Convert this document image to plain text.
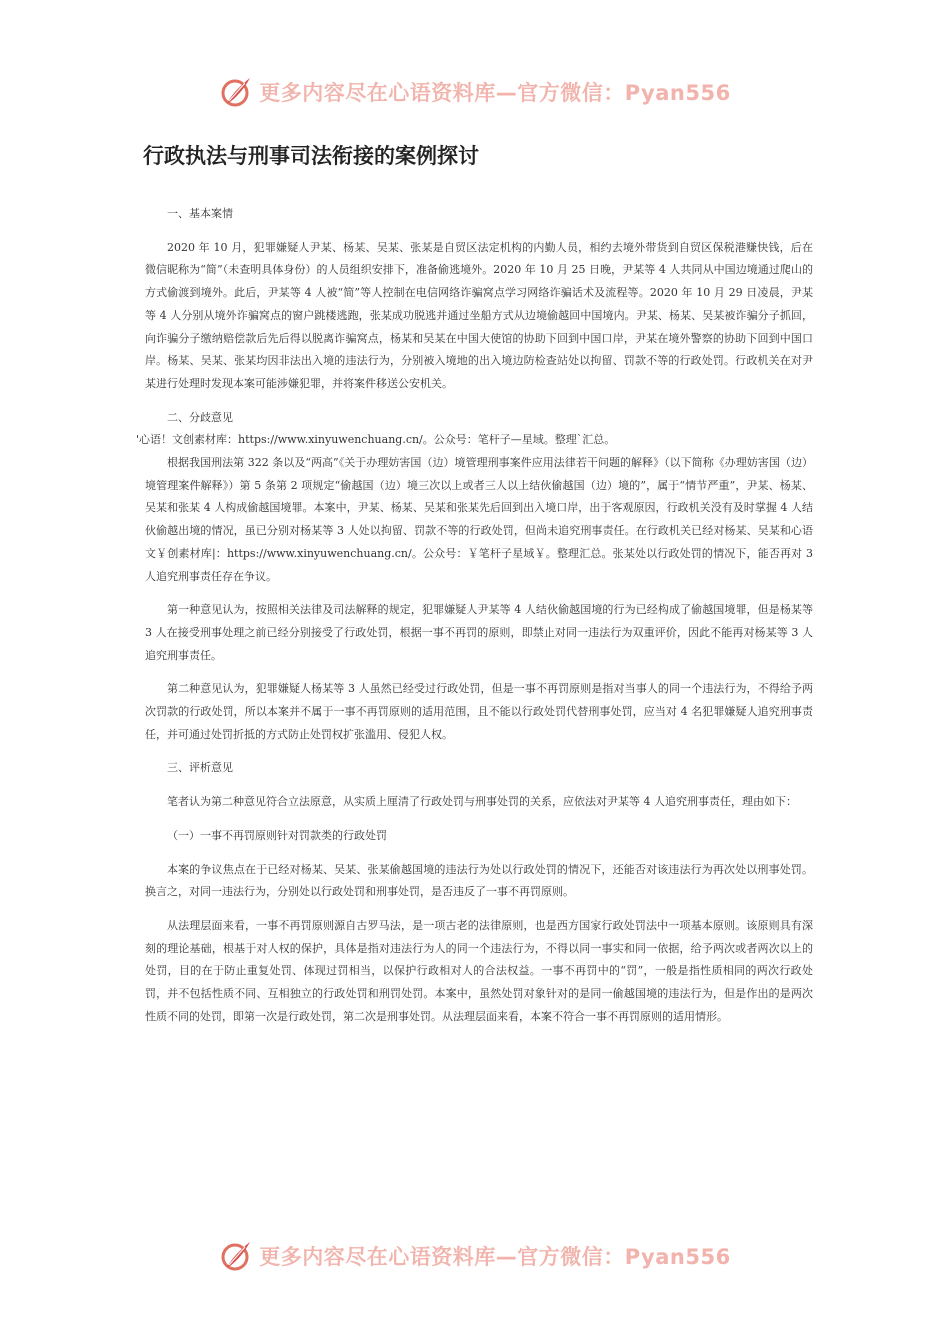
更多内容尽在心语资料库—官方微信：Pyan556
行政执法与刑事司法衔接的案例探讨

一、基本案情

2020 年 10 月，犯罪嫌疑人尹某、杨某、吴某、张某是自贸区法定机构的内勤人员，相约去境外带货到自贸区保税港赚快钱，后在微信昵称为“简”（未查明具体身份）的人员组织安排下，准备偷逃境外。2020 年 10 月 25 日晚，尹某等 4 人共同从中国边境通过爬山的方式偷渡到境外。此后，尹某等 4 人被“简”等人控制在电信网络诈骗窝点学习网络诈骗话术及流程等。2020 年 10 月 29 日凌晨，尹某等 4 人分别从境外诈骗窝点的窗户跳楼逃跑，张某成功脱逃并通过坐船方式从边境偷越回中国境内。尹某、杨某、吴某被诈骗分子抓回，向诈骗分子缴纳赔偿款后先后得以脱离诈骗窝点，杨某和吴某在中国大使馆的协助下回到中国口岸，尹某在境外警察的协助下回到中国口岸。杨某、吴某、张某均因非法出入境的违法行为，分别被入境地的出入境边防检查站处以拘留、罚款不等的行政处罚。行政机关在对尹某进行处理时发现本案可能涉嫌犯罪，并将案件移送公安机关。

二、分歧意见

'心语！文创素材库：https://www.xinyuwenchuang.cn/。公众号：笔杆子—星域。整理`汇总。

根据我国刑法第 322 条以及“两高”《关于办理妨害国（边）境管理刑事案件应用法律若干问题的解释》（以下简称《办理妨害国（边）境管理案件解释》）第 5 条第 2 项规定“偷越国（边）境三次以上或者三人以上结伙偷越国（边）境的”，属于“情节严重”，尹某、杨某、吴某和张某 4 人构成偷越国境罪。本案中，尹某、杨某、吴某和张某先后回到出入境口岸，出于客观原因，行政机关没有及时掌握 4 人结伙偷越出境的情况，虽已分别对杨某等 3 人处以拘留、罚款不等的行政处罚，但尚未追究刑事责任。在行政机关已经对杨某、吴某和心语文￥创素材库|：https://www.xinyuwenchuang.cn/。公众号：￥笔杆子星域￥。整理汇总。张某处以行政处罚的情况下，能否再对 3 人追究刑事责任存在争议。

第一种意见认为，按照相关法律及司法解释的规定，犯罪嫌疑人尹某等 4 人结伙偷越国境的行为已经构成了偷越国境罪，但是杨某等 3 人在接受刑事处理之前已经分别接受了行政处罚，根据一事不再罚的原则，即禁止对同一违法行为双重评价，因此不能再对杨某等 3 人追究刑事责任。

第二种意见认为，犯罪嫌疑人杨某等 3 人虽然已经受过行政处罚，但是一事不再罚原则是指对当事人的同一个违法行为，不得给予两次罚款的行政处罚，所以本案并不属于一事不再罚原则的适用范围，且不能以行政处罚代替刑事处罚，应当对 4 名犯罪嫌疑人追究刑事责任，并可通过处罚折抵的方式防止处罚权扩张滥用、侵犯人权。

三、评析意见

笔者认为第二种意见符合立法原意，从实质上厘清了行政处罚与刑事处罚的关系，应依法对尹某等 4 人追究刑事责任，理由如下：

（一）一事不再罚原则针对罚款类的行政处罚

本案的争议焦点在于已经对杨某、吴某、张某偷越国境的违法行为处以行政处罚的情况下，还能否对该违法行为再次处以刑事处罚。换言之，对同一违法行为，分别处以行政处罚和刑事处罚，是否违反了一事不再罚原则。

从法理层面来看，一事不再罚原则源自古罗马法，是一项古老的法律原则，也是西方国家行政处罚法中一项基本原则。该原则具有深刻的理论基础，根基于对人权的保护，具体是指对违法行为人的同一个违法行为，不得以同一事实和同一依据，给予两次或者两次以上的处罚，目的在于防止重复处罚、体现过罚相当，以保护行政相对人的合法权益。一事不再罚中的“罚”，一般是指性质相同的两次行政处罚，并不包括性质不同、互相独立的行政处罚和刑罚处罚。本案中，虽然处罚对象针对的是同一偷越国境的违法行为，但是作出的是两次性质不同的处罚，即第一次是行政处罚，第二次是刑事处罚。从法理层面来看，本案不符合一事不再罚原则的适用情形。

更多内容尽在心语资料库—官方微信：Pyan556
